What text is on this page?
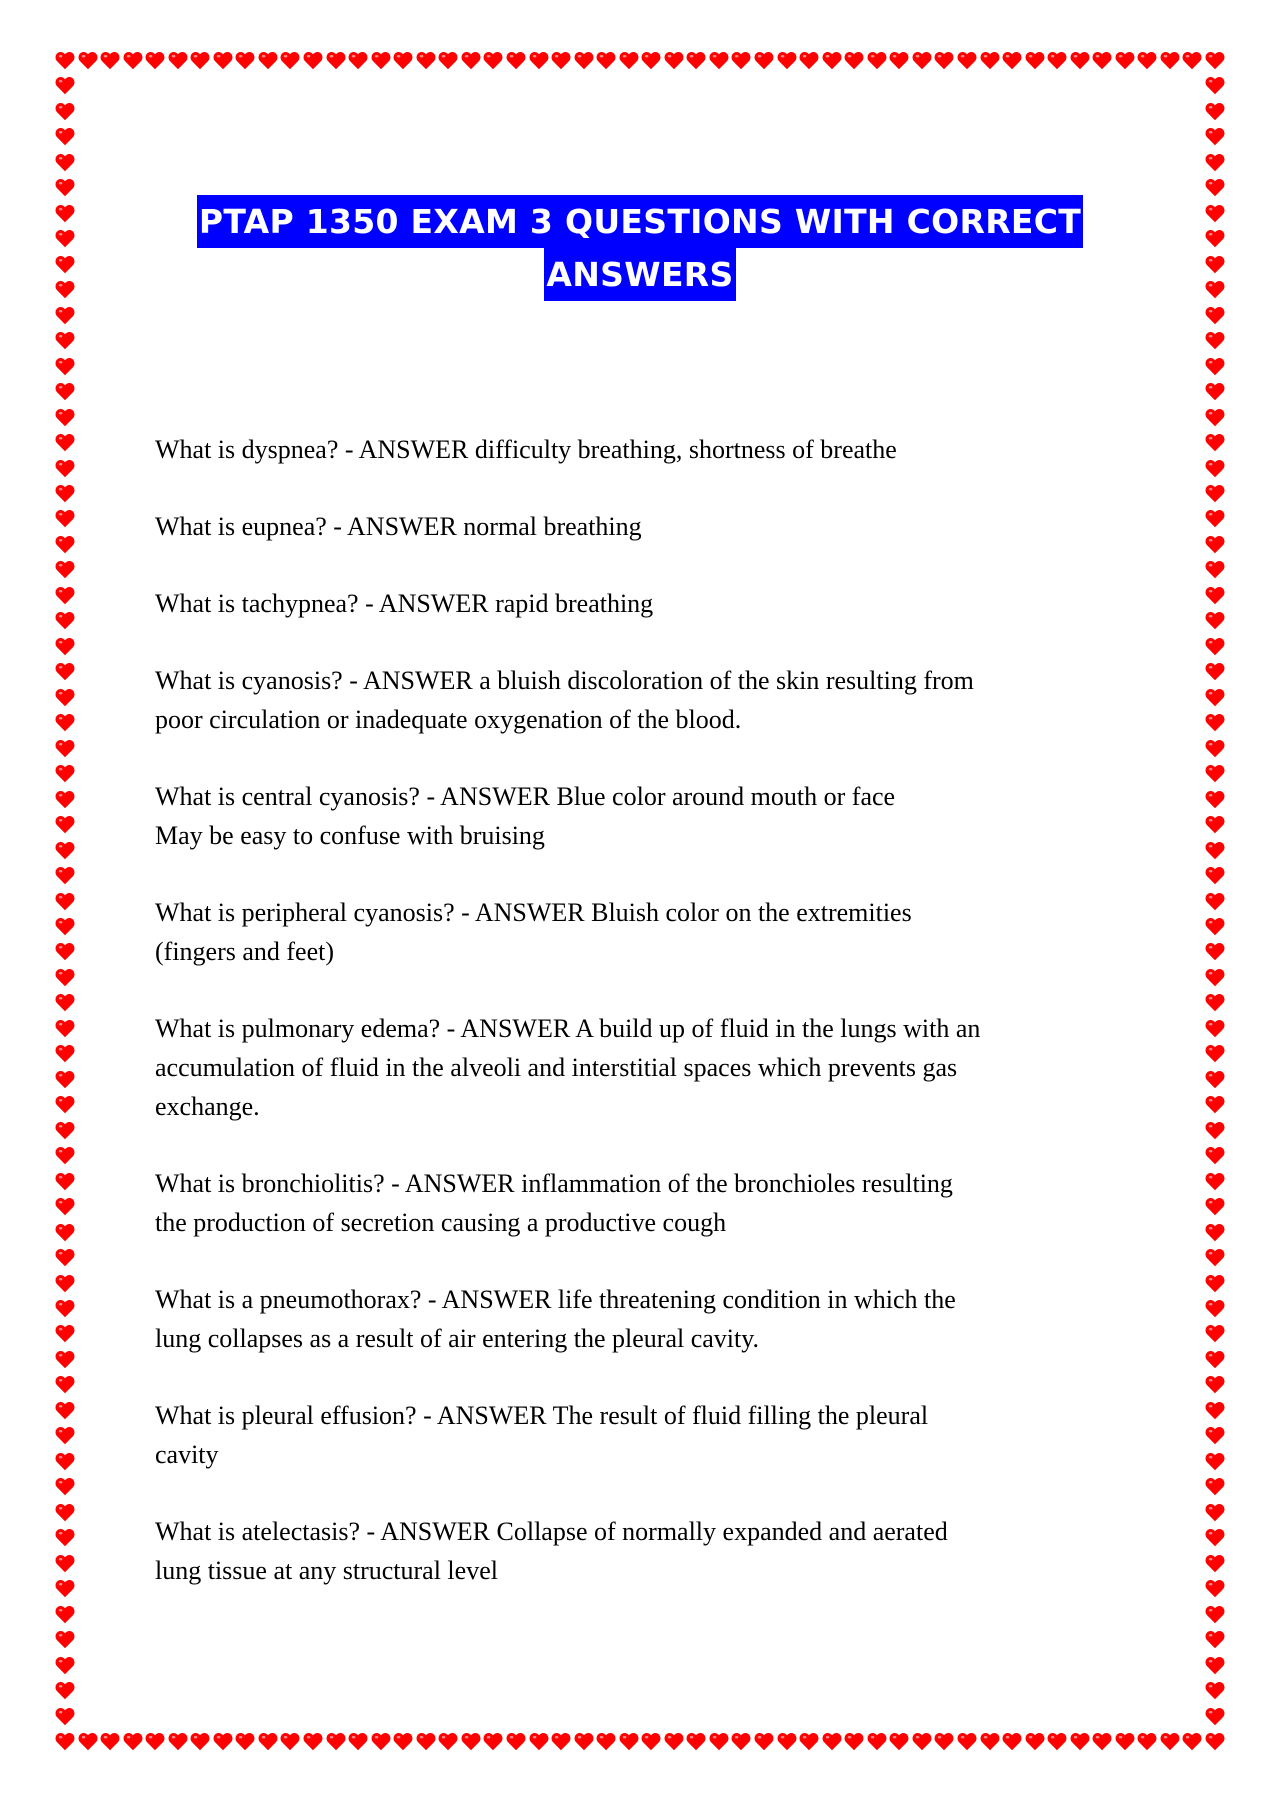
PTAP 1350 EXAM 3 QUESTIONS WITH CORRECT
ANSWERS
What is dyspnea? - ANSWER difficulty breathing, shortness of breathe
What is eupnea? - ANSWER normal breathing
What is tachypnea? - ANSWER rapid breathing
What is cyanosis? - ANSWER a bluish discoloration of the skin resulting from
poor circulation or inadequate oxygenation of the blood.
What is central cyanosis? - ANSWER Blue color around mouth or face
May be easy to confuse with bruising
What is peripheral cyanosis? - ANSWER Bluish color on the extremities
(fingers and feet)
What is pulmonary edema? - ANSWER A build up of fluid in the lungs with an
accumulation of fluid in the alveoli and interstitial spaces which prevents gas
exchange.
What is bronchiolitis? - ANSWER inflammation of the bronchioles resulting
the production of secretion causing a productive cough
What is a pneumothorax? - ANSWER life threatening condition in which the
lung collapses as a result of air entering the pleural cavity.
What is pleural effusion? - ANSWER The result of fluid filling the pleural
cavity
What is atelectasis? - ANSWER Collapse of normally expanded and aerated
lung tissue at any structural level
